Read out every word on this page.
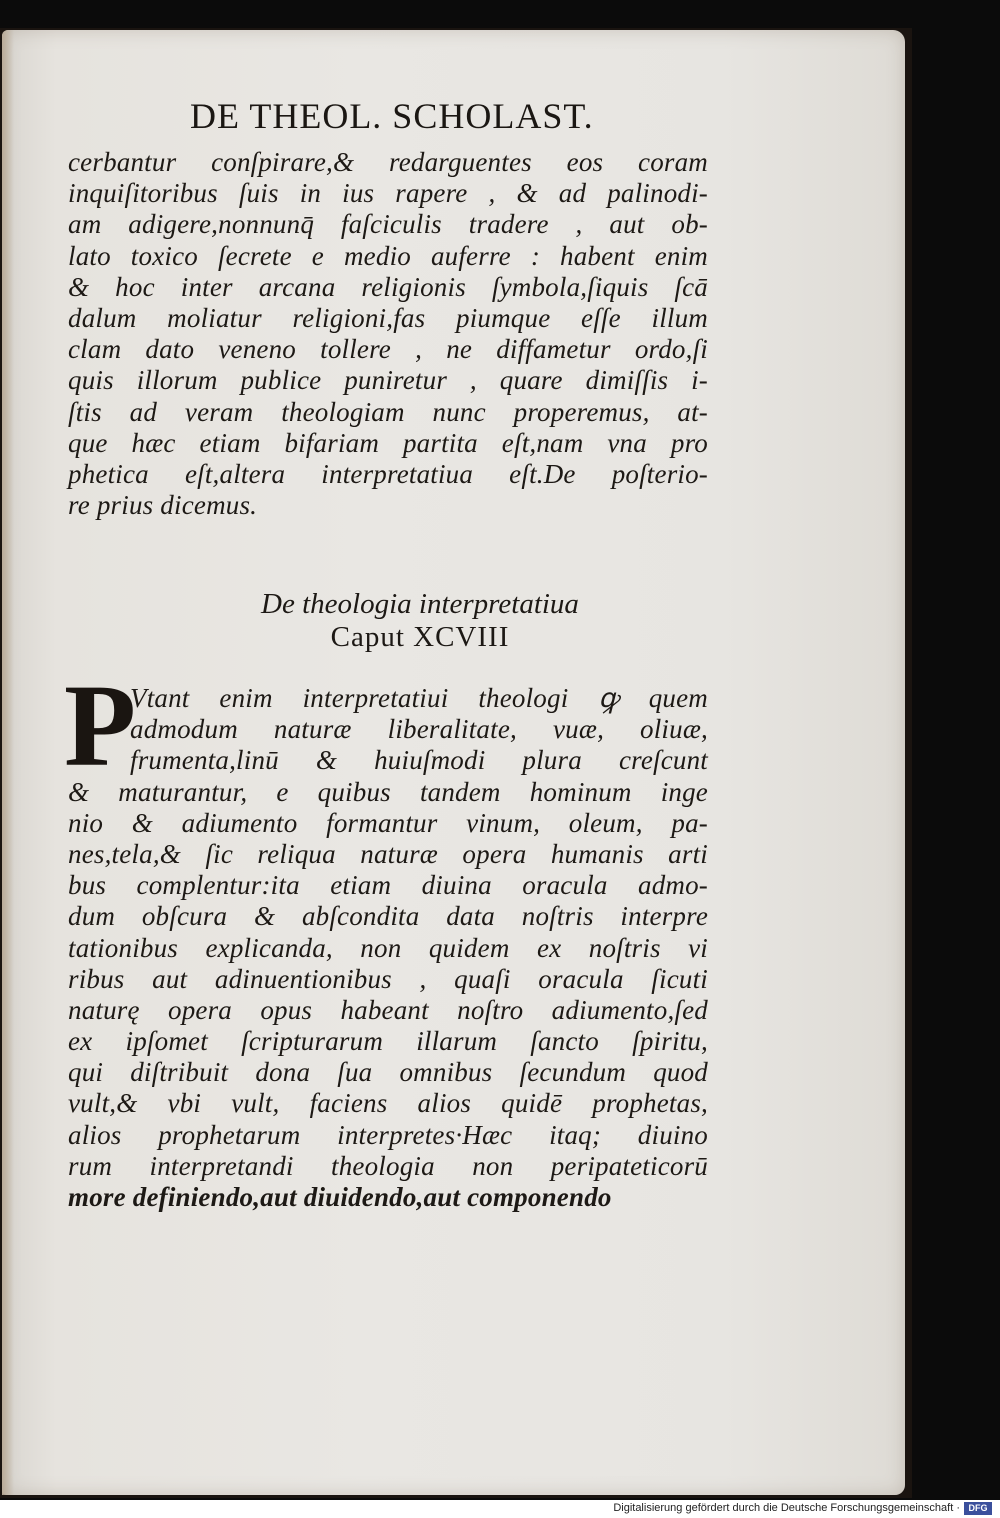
DE THEOL. SCHOLAST.
cerbantur conſpirare,& redarguentes eos coram
inquiſitoribus ſuis in ius rapere , & ad palinodi-
am adigere,nonnunq̄ faſciculis tradere , aut ob-
lato toxico ſecrete e medio auferre : habent enim
& hoc inter arcana religionis ſymbola,ſiquis ſcā
dalum moliatur religioni,fas piumque eſſe illum
clam dato veneno tollere , ne diffametur ordo,ſi
quis illorum publice puniretur , quare dimiſſis i-
ſtis ad veram theologiam nunc properemus, at-
que hæc etiam bifariam partita eſt,nam vna pro
phetica eſt,altera interpretatiua eſt.De poſterio-
re prius dicemus.
De theologia interpretatiua
Caput XCVIII
P
Vtant enim interpretatiui theologi ꝙ quem
admodum naturæ liberalitate, vuæ, oliuæ,
frumenta,linū & huiuſmodi plura creſcunt
& maturantur, e quibus tandem hominum inge
nio & adiumento formantur vinum, oleum, pa-
nes,tela,& ſic reliqua naturæ opera humanis arti
bus complentur:ita etiam diuina oracula admo-
dum obſcura & abſcondita data noſtris interpre
tationibus explicanda, non quidem ex noſtris vi
ribus aut adinuentionibus , quaſi oracula ſicuti
naturę opera opus habeant noſtro adiumento,ſed
ex ipſomet ſcripturarum illarum ſancto ſpiritu,
qui diſtribuit dona ſua omnibus ſecundum quod
vult,& vbi vult, faciens alios quidē prophetas,
alios prophetarum interpretes·Hæc itaq; diuino
rum interpretandi theologia non peripateticorū
more definiendo,aut diuidendo,aut componendo
Digitalisierung gefördert durch die Deutsche Forschungsgemeinschaft · DFG
